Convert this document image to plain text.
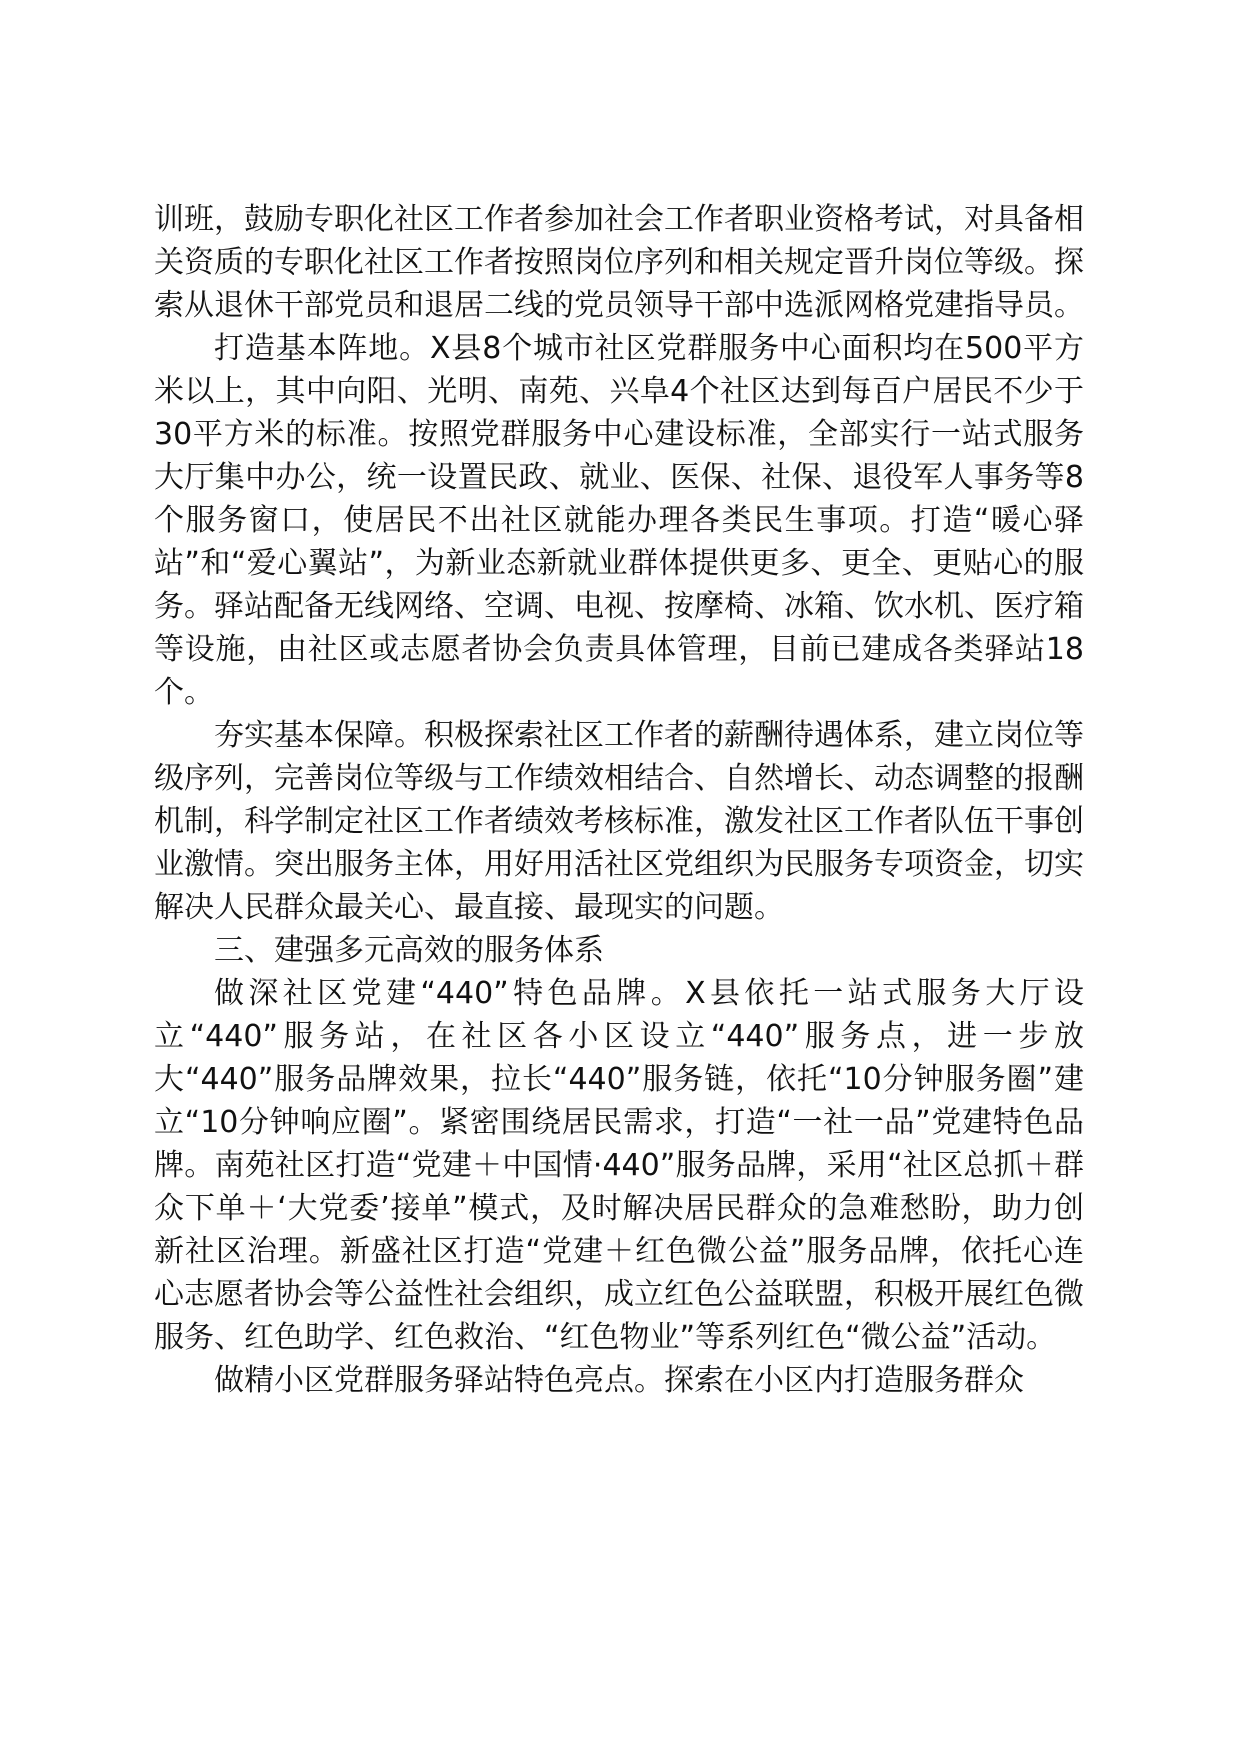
训班，鼓励专职化社区工作者参加社会工作者职业资格考试，对具备相关资质的专职化社区工作者按照岗位序列和相关规定晋升岗位等级。探索从退休干部党员和退居二线的党员领导干部中选派网格党建指导员。

打造基本阵地。X县8个城市社区党群服务中心面积均在500平方米以上，其中向阳、光明、南苑、兴阜4个社区达到每百户居民不少于30平方米的标准。按照党群服务中心建设标准，全部实行一站式服务大厅集中办公，统一设置民政、就业、医保、社保、退役军人事务等8个服务窗口，使居民不出社区就能办理各类民生事项。打造“暖心驿站”和“爱心翼站”，为新业态新就业群体提供更多、更全、更贴心的服务。驿站配备无线网络、空调、电视、按摩椅、冰箱、饮水机、医疗箱等设施，由社区或志愿者协会负责具体管理，目前已建成各类驿站18个。

夯实基本保障。积极探索社区工作者的薪酬待遇体系，建立岗位等级序列，完善岗位等级与工作绩效相结合、自然增长、动态调整的报酬机制，科学制定社区工作者绩效考核标准，激发社区工作者队伍干事创业激情。突出服务主体，用好用活社区党组织为民服务专项资金，切实解决人民群众最关心、最直接、最现实的问题。

三、建强多元高效的服务体系

做深社区党建“440”特色品牌。X县依托一站式服务大厅设立“440”服务站，在社区各小区设立“440”服务点，进一步放大“440”服务品牌效果，拉长“440”服务链，依托“10分钟服务圈”建立“10分钟响应圈”。紧密围绕居民需求，打造“一社一品”党建特色品牌。南苑社区打造“党建＋中国情·440”服务品牌，采用“社区总抓＋群众下单＋‘大党委’接单”模式，及时解决居民群众的急难愁盼，助力创新社区治理。新盛社区打造“党建＋红色微公益”服务品牌，依托心连心志愿者协会等公益性社会组织，成立红色公益联盟，积极开展红色微服务、红色助学、红色救治、“红色物业”等系列红色“微公益”活动。

做精小区党群服务驿站特色亮点。探索在小区内打造服务群众
